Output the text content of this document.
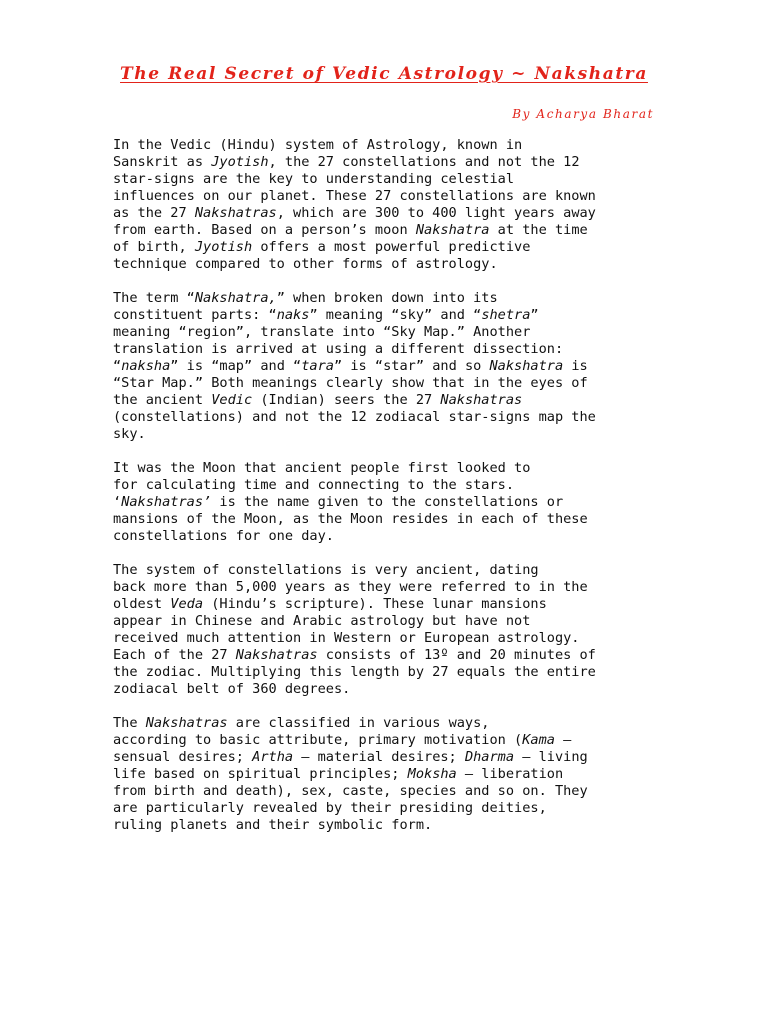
The Real Secret of Vedic Astrology ~ Nakshatra

By Acharya Bharat

In the Vedic (Hindu) system of Astrology, known in
Sanskrit as Jyotish, the 27 constellations and not the 12
star-signs are the key to understanding celestial
influences on our planet. These 27 constellations are known
as the 27 Nakshatras, which are 300 to 400 light years away
from earth. Based on a person’s moon Nakshatra at the time
of birth, Jyotish offers a most powerful predictive
technique compared to other forms of astrology.

The term “Nakshatra,” when broken down into its
constituent parts: “naks” meaning “sky” and “shetra”
meaning “region”, translate into “Sky Map.” Another
translation is arrived at using a different dissection:
“naksha” is “map” and “tara” is “star” and so Nakshatra is
“Star Map.” Both meanings clearly show that in the eyes of
the ancient Vedic (Indian) seers the 27 Nakshatras
(constellations) and not the 12 zodiacal star-signs map the
sky.

It was the Moon that ancient people first looked to
for calculating time and connecting to the stars.
‘Nakshatras’ is the name given to the constellations or
mansions of the Moon, as the Moon resides in each of these
constellations for one day.

The system of constellations is very ancient, dating
back more than 5,000 years as they were referred to in the
oldest Veda (Hindu’s scripture). These lunar mansions
appear in Chinese and Arabic astrology but have not
received much attention in Western or European astrology.
Each of the 27 Nakshatras consists of 13º and 20 minutes of
the zodiac. Multiplying this length by 27 equals the entire
zodiacal belt of 360 degrees.

The Nakshatras are classified in various ways,
according to basic attribute, primary motivation (Kama –
sensual desires; Artha – material desires; Dharma – living
life based on spiritual principles; Moksha – liberation
from birth and death), sex, caste, species and so on. They
are particularly revealed by their presiding deities,
ruling planets and their symbolic form.
